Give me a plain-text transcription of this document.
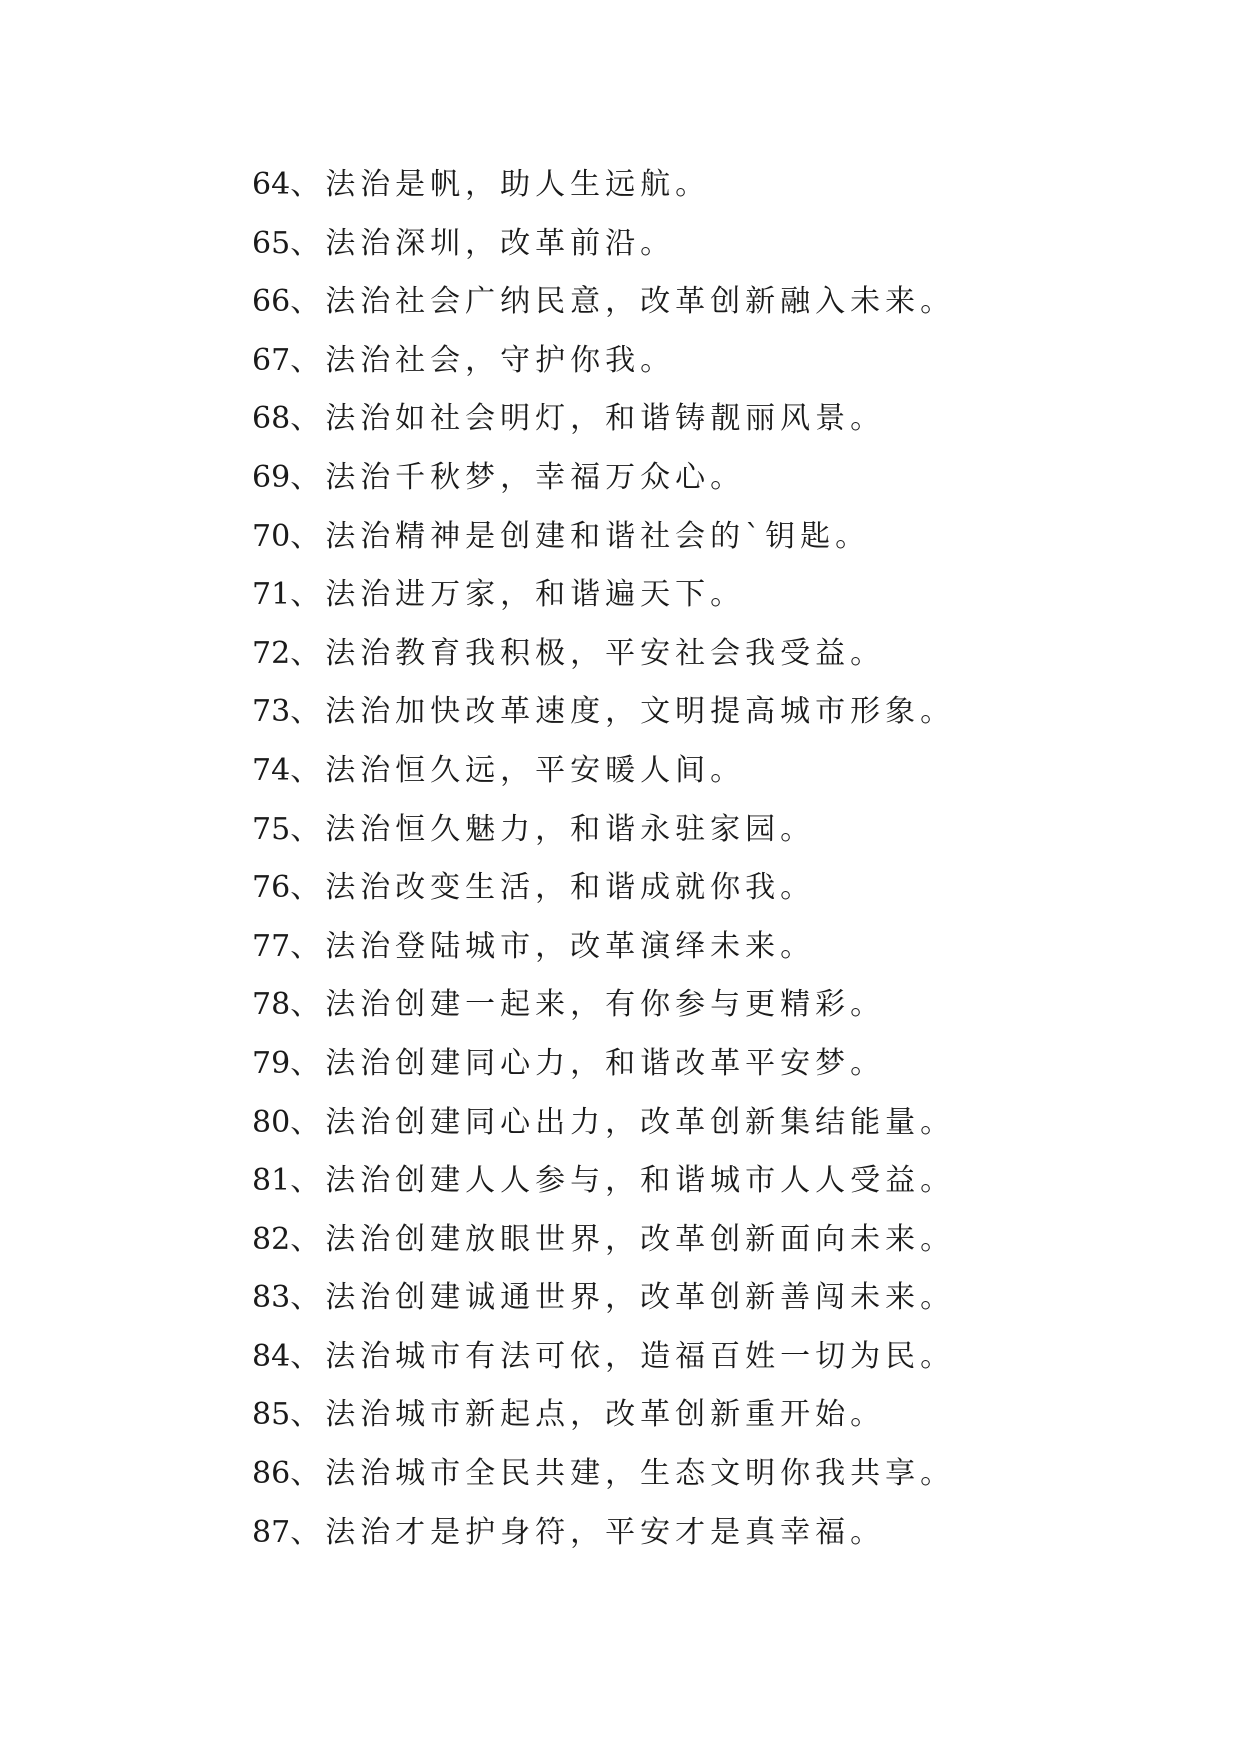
64、法治是帆，助人生远航。
65、法治深圳，改革前沿。
66、法治社会广纳民意，改革创新融入未来。
67、法治社会，守护你我。
68、法治如社会明灯，和谐铸靓丽风景。
69、法治千秋梦，幸福万众心。
70、法治精神是创建和谐社会的`钥匙。
71、法治进万家，和谐遍天下。
72、法治教育我积极，平安社会我受益。
73、法治加快改革速度，文明提高城市形象。
74、法治恒久远，平安暖人间。
75、法治恒久魅力，和谐永驻家园。
76、法治改变生活，和谐成就你我。
77、法治登陆城市，改革演绎未来。
78、法治创建一起来，有你参与更精彩。
79、法治创建同心力，和谐改革平安梦。
80、法治创建同心出力，改革创新集结能量。
81、法治创建人人参与，和谐城市人人受益。
82、法治创建放眼世界，改革创新面向未来。
83、法治创建诚通世界，改革创新善闯未来。
84、法治城市有法可依，造福百姓一切为民。
85、法治城市新起点，改革创新重开始。
86、法治城市全民共建，生态文明你我共享。
87、法治才是护身符，平安才是真幸福。
